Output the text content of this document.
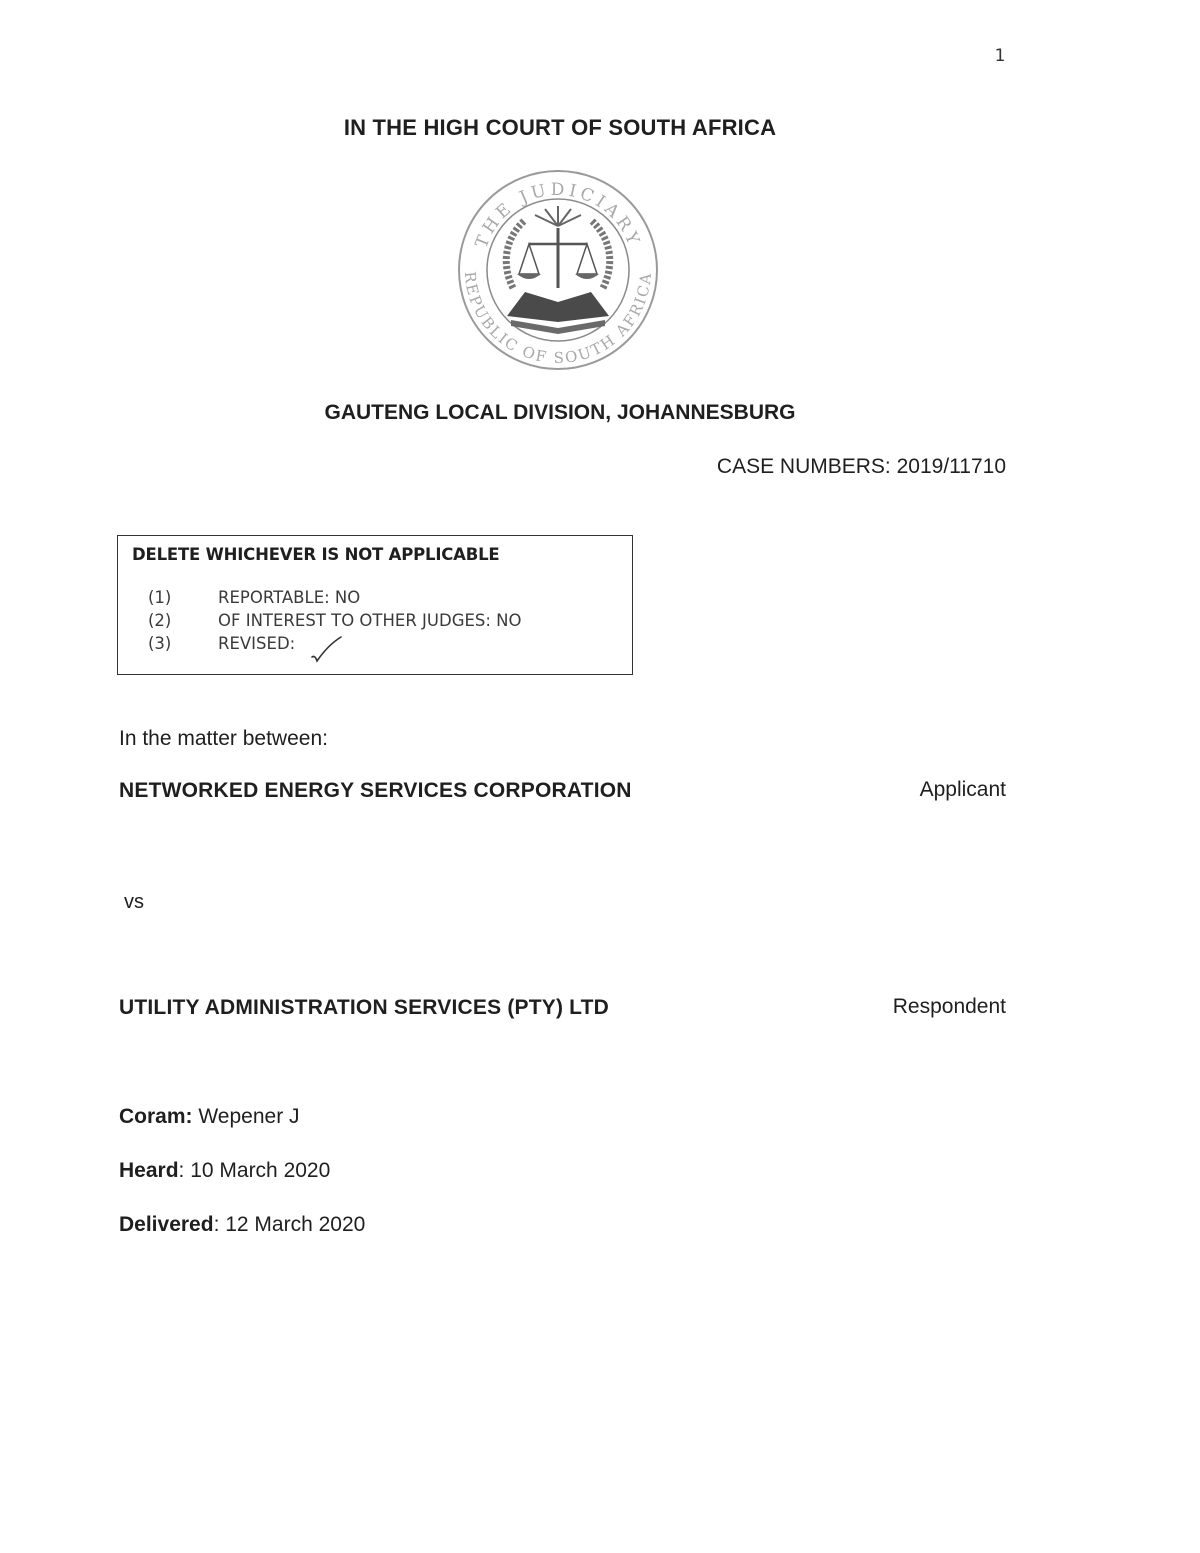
1
IN THE HIGH COURT OF SOUTH AFRICA
THE JUDICIARY
REPUBLIC OF SOUTH AFRICA
GAUTENG LOCAL DIVISION, JOHANNESBURG
CASE NUMBERS: 2019/11710
DELETE WHICHEVER IS NOT APPLICABLE
(1)	REPORTABLE: NO
(2)	OF INTEREST TO OTHER JUDGES: NO
(3)	REVISED:
In the matter between:
NETWORKED ENERGY SERVICES CORPORATION	Applicant
vs
UTILITY ADMINISTRATION SERVICES (PTY) LTD	Respondent
Coram: Wepener J
Heard: 10 March 2020
Delivered: 12 March 2020
